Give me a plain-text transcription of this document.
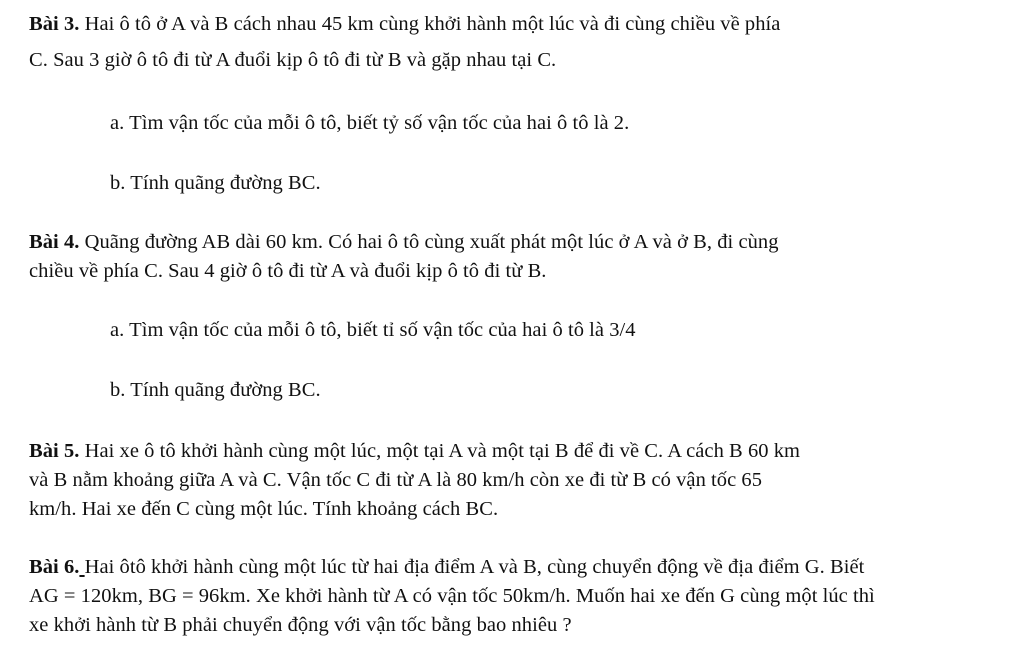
Bài 3. Hai ô tô ở A và B cách nhau 45 km cùng khởi hành một lúc và đi cùng chiều về phía
C. Sau 3 giờ ô tô đi từ A đuổi kịp ô tô đi từ B và gặp nhau tại C.
a. Tìm vận tốc của mỗi ô tô, biết tỷ số vận tốc của hai ô tô là 2.
b. Tính quãng đường BC.
Bài 4. Quãng đường AB dài 60 km. Có hai ô tô cùng xuất phát một lúc ở A và ở B, đi cùng
chiều về phía C. Sau 4 giờ ô tô đi từ A và đuổi kịp ô tô đi từ B.
a. Tìm vận tốc của mỗi ô tô, biết tỉ số vận tốc của hai ô tô là 3/4
b. Tính quãng đường BC.
Bài 5. Hai xe ô tô khởi hành cùng một lúc, một tại A và một tại B để đi về C. A cách B 60 km
và B nằm khoảng giữa A và C. Vận tốc C đi từ A là 80 km/h còn xe đi từ B có vận tốc 65
km/h. Hai xe đến C cùng một lúc. Tính khoảng cách BC.
Bài 6. Hai ôtô khởi hành cùng một lúc từ hai địa điểm A và B, cùng chuyển động về địa điểm G. Biết
AG = 120km, BG = 96km. Xe khởi hành từ A có vận tốc 50km/h. Muốn hai xe đến G cùng một lúc thì
xe khởi hành từ B phải chuyển động với vận tốc bằng bao nhiêu ?
